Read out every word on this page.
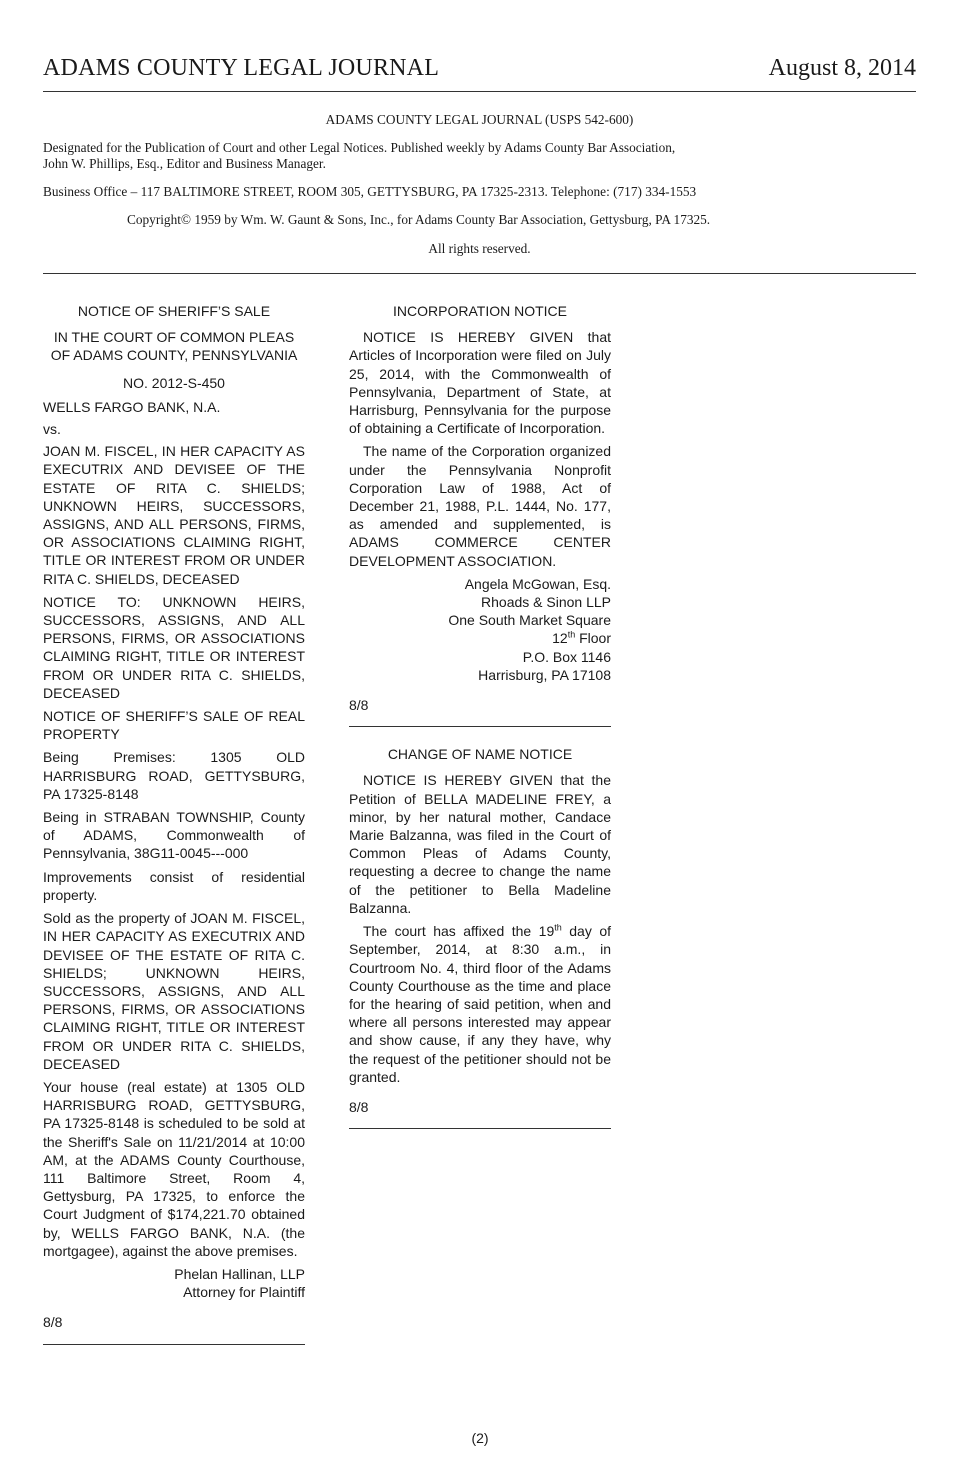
ADAMS COUNTY LEGAL JOURNAL	August 8, 2014

ADAMS COUNTY LEGAL JOURNAL (USPS 542-600)

Designated for the Publication of Court and other Legal Notices. Published weekly by Adams County Bar Association,
John W. Phillips, Esq., Editor and Business Manager.

Business Office – 117 BALTIMORE STREET, ROOM 305, GETTYSBURG, PA 17325-2313. Telephone: (717) 334-1553

Copyright© 1959 by Wm. W. Gaunt & Sons, Inc., for Adams County Bar Association, Gettysburg, PA 17325.

All rights reserved.

NOTICE OF SHERIFF’S SALE

IN THE COURT OF COMMON PLEAS OF ADAMS COUNTY, PENNSYLVANIA

NO. 2012-S-450

WELLS FARGO BANK, N.A.

vs.

JOAN M. FISCEL, IN HER CAPACITY AS EXECUTRIX AND DEVISEE OF THE ESTATE OF RITA C. SHIELDS; UNKNOWN HEIRS, SUCCESSORS, ASSIGNS, AND ALL PERSONS, FIRMS, OR ASSOCIATIONS CLAIMING RIGHT, TITLE OR INTEREST FROM OR UNDER RITA C. SHIELDS, DECEASED

NOTICE TO: UNKNOWN HEIRS, SUCCESSORS, ASSIGNS, AND ALL PERSONS, FIRMS, OR ASSOCIATIONS CLAIMING RIGHT, TITLE OR INTEREST FROM OR UNDER RITA C. SHIELDS, DECEASED

NOTICE OF SHERIFF’S SALE OF REAL PROPERTY

Being Premises: 1305 OLD HARRISBURG ROAD, GETTYSBURG, PA 17325-8148

Being in STRABAN TOWNSHIP, County of ADAMS, Commonwealth of Pennsylvania, 38G11-0045---000

Improvements consist of residential property.

Sold as the property of JOAN M. FISCEL, IN HER CAPACITY AS EXECUTRIX AND DEVISEE OF THE ESTATE OF RITA C. SHIELDS; UNKNOWN HEIRS, SUCCESSORS, ASSIGNS, AND ALL PERSONS, FIRMS, OR ASSOCIATIONS CLAIMING RIGHT, TITLE OR INTEREST FROM OR UNDER RITA C. SHIELDS, DECEASED

Your house (real estate) at 1305 OLD HARRISBURG ROAD, GETTYSBURG, PA 17325-8148 is scheduled to be sold at the Sheriff's Sale on 11/21/2014 at 10:00 AM, at the ADAMS County Courthouse, 111 Baltimore Street, Room 4, Gettysburg, PA 17325, to enforce the Court Judgment of $174,221.70 obtained by, WELLS FARGO BANK, N.A. (the mortgagee), against the above premises.

Phelan Hallinan, LLP

Attorney for Plaintiff

8/8

INCORPORATION NOTICE

NOTICE IS HEREBY GIVEN that Articles of Incorporation were filed on July 25, 2014, with the Commonwealth of Pennsylvania, Department of State, at Harrisburg, Pennsylvania for the purpose of obtaining a Certificate of Incorporation.

The name of the Corporation organized under the Pennsylvania Nonprofit Corporation Law of 1988, Act of December 21, 1988, P.L. 1444, No. 177, as amended and supplemented, is ADAMS COMMERCE CENTER DEVELOPMENT ASSOCIATION.

Angela McGowan, Esq.
Rhoads & Sinon LLP
One South Market Square
12th Floor
P.O. Box 1146
Harrisburg, PA 17108

8/8

CHANGE OF NAME NOTICE

NOTICE IS HEREBY GIVEN that the Petition of BELLA MADELINE FREY, a minor, by her natural mother, Candace Marie Balzanna, was filed in the Court of Common Pleas of Adams County, requesting a decree to change the name of the petitioner to Bella Madeline Balzanna.

The court has affixed the 19th day of September, 2014, at 8:30 a.m., in Courtroom No. 4, third floor of the Adams County Courthouse as the time and place for the hearing of said petition, when and where all persons interested may appear and show cause, if any they have, why the request of the petitioner should not be granted.

8/8

(2)
